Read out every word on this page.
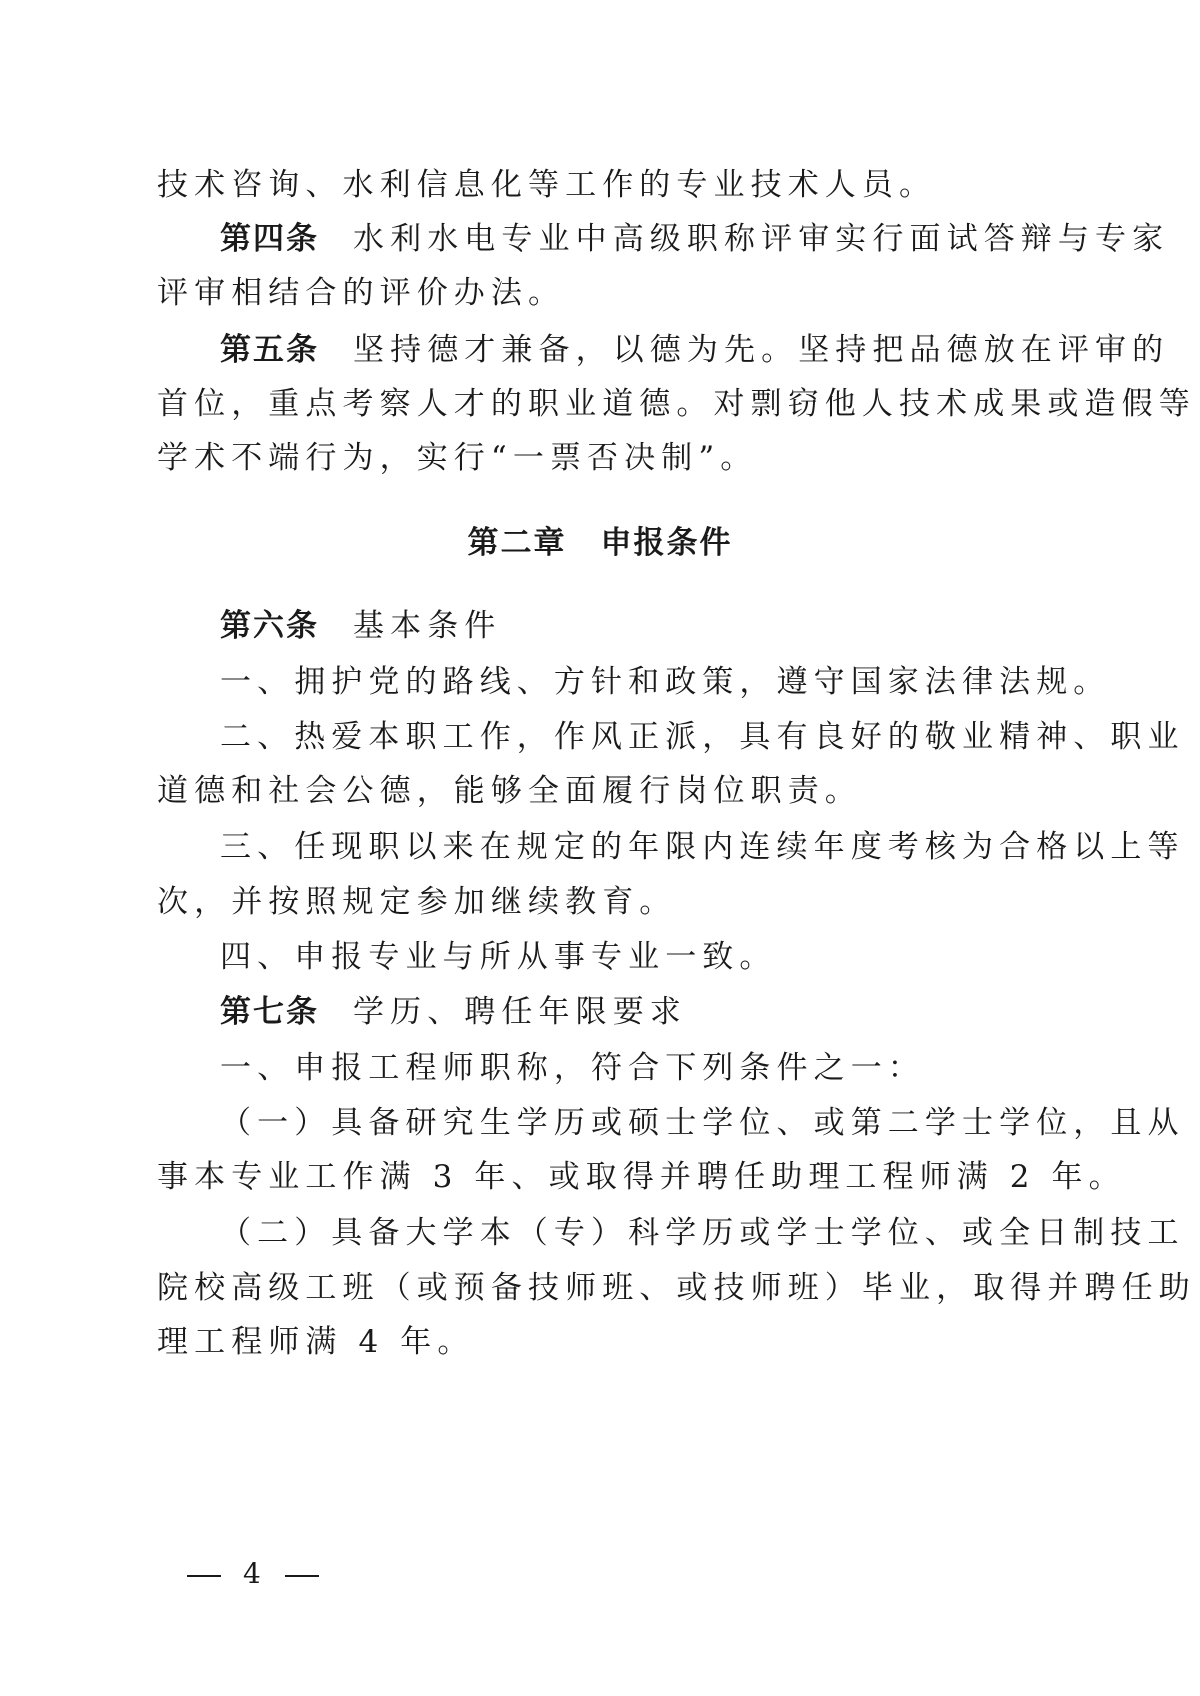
技术咨询、水利信息化等工作的专业技术人员。
第四条 水利水电专业中高级职称评审实行面试答辩与专家
评审相结合的评价办法。
第五条 坚持德才兼备，以德为先。坚持把品德放在评审的
首位，重点考察人才的职业道德。对剽窃他人技术成果或造假等
学术不端行为，实行“一票否决制”。
第二章 申报条件
第六条 基本条件
一、拥护党的路线、方针和政策，遵守国家法律法规。
二、热爱本职工作，作风正派，具有良好的敬业精神、职业
道德和社会公德，能够全面履行岗位职责。
三、任现职以来在规定的年限内连续年度考核为合格以上等
次，并按照规定参加继续教育。
四、申报专业与所从事专业一致。
第七条 学历、聘任年限要求
一、申报工程师职称，符合下列条件之一：
（一）具备研究生学历或硕士学位、或第二学士学位，且从
事本专业工作满 3 年、或取得并聘任助理工程师满 2 年。
（二）具备大学本（专）科学历或学士学位、或全日制技工
院校高级工班（或预备技师班、或技师班）毕业，取得并聘任助
理工程师满 4 年。
4
